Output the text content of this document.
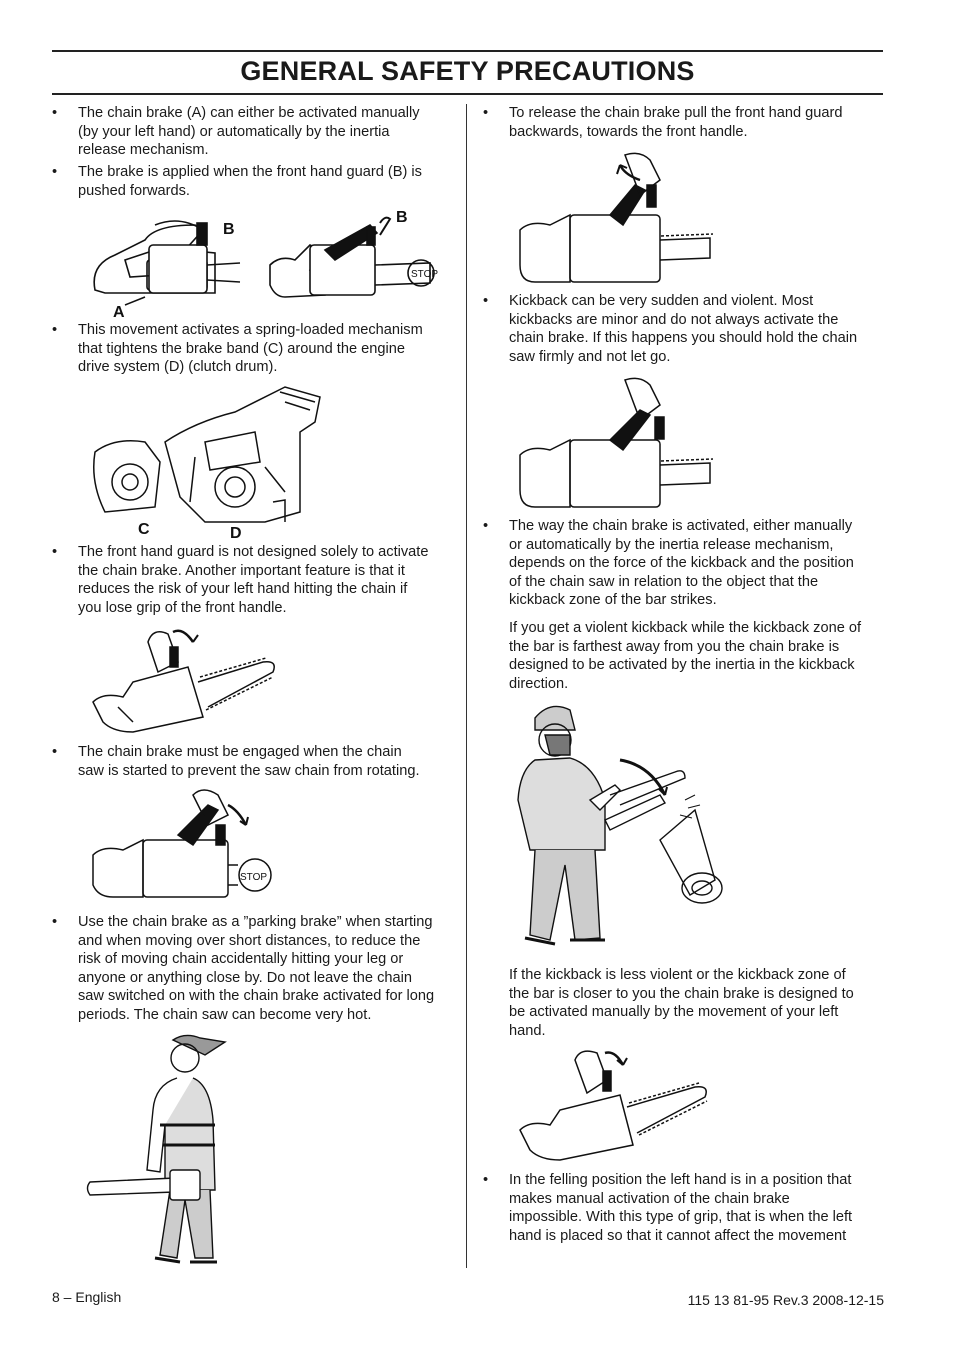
GENERAL SAFETY PRECAUTIONS
• The chain brake (A) can either be activated manually
(by your left hand) or automatically by the inertia
release mechanism.
• The brake is applied when the front hand guard (B) is
pushed forwards.
B
A
STOP
B
• This movement activates a spring-loaded mechanism
that tightens the brake band (C) around the engine
drive system (D) (clutch drum).
C	D
• The front hand guard is not designed solely to activate
the chain brake. Another important feature is that it
reduces the risk of your left hand hitting the chain if
you lose grip of the front handle.
• The chain brake must be engaged when the chain
saw is started to prevent the saw chain from rotating.
STOP
• Use the chain brake as a ”parking brake” when starting
and when moving over short distances, to reduce the
risk of moving chain accidentally hitting your leg or
anyone or anything close by. Do not leave the chain
saw switched on with the chain brake activated for long
periods. The chain saw can become very hot.
• To release the chain brake pull the front hand guard
backwards, towards the front handle.
• Kickback can be very sudden and violent. Most
kickbacks are minor and do not always activate the
chain brake. If this happens you should hold the chain
saw firmly and not let go.
• The way the chain brake is activated, either manually
or automatically by the inertia release mechanism,
depends on the force of the kickback and the position
of the chain saw in relation to the object that the
kickback zone of the bar strikes.
If you get a violent kickback while the kickback zone of
the bar is farthest away from you the chain brake is
designed to be activated by the inertia in the kickback
direction.
If the kickback is less violent or the kickback zone of
the bar is closer to you the chain brake is designed to
be activated manually by the movement of your left
hand.
• In the felling position the left hand is in a position that
makes manual activation of the chain brake
impossible. With this type of grip, that is when the left
hand is placed so that it cannot affect the movement
8 – English	115 13 81-95 Rev.3 2008-12-15
